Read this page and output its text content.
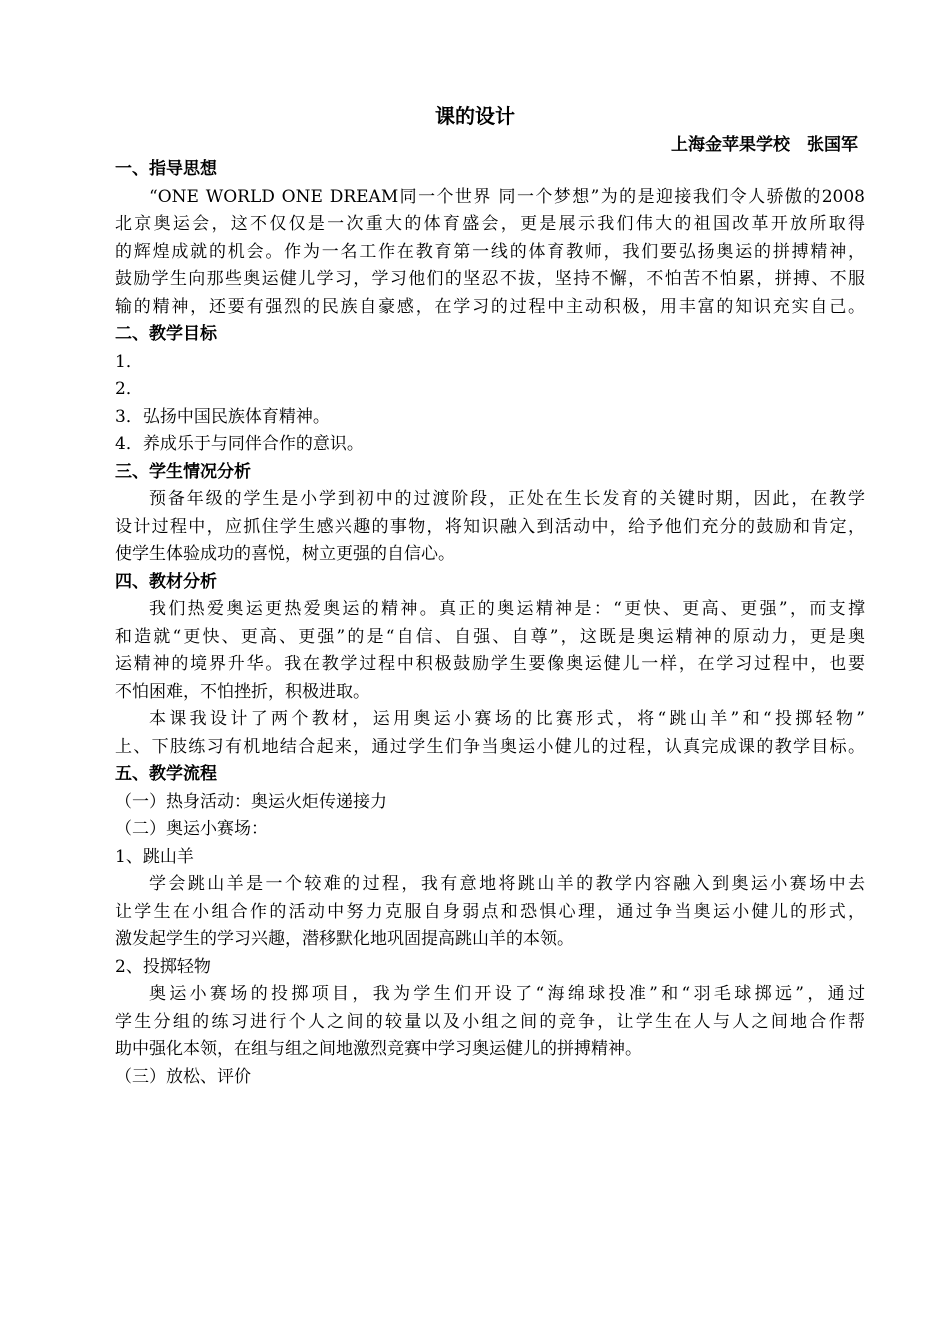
课的设计
上海金苹果学校　张国军
一、指导思想
“ONE WORLD ONE DREAM同一个世界 同一个梦想”为的是迎接我们令人骄傲的2008
北京奥运会，这不仅仅是一次重大的体育盛会，更是展示我们伟大的祖国改革开放所取得
的辉煌成就的机会。作为一名工作在教育第一线的体育教师，我们要弘扬奥运的拼搏精神，
鼓励学生向那些奥运健儿学习，学习他们的坚忍不拔，坚持不懈，不怕苦不怕累，拼搏、不服
输的精神，还要有强烈的民族自豪感，在学习的过程中主动积极，用丰富的知识充实自己。
二、教学目标
1．
2．
3．弘扬中国民族体育精神。
4．养成乐于与同伴合作的意识。
三、学生情况分析
预备年级的学生是小学到初中的过渡阶段，正处在生长发育的关键时期，因此，在教学
设计过程中，应抓住学生感兴趣的事物，将知识融入到活动中，给予他们充分的鼓励和肯定，
使学生体验成功的喜悦，树立更强的自信心。
四、教材分析
我们热爱奥运更热爱奥运的精神。真正的奥运精神是：“更快、更高、更强”，而支撑
和造就“更快、更高、更强”的是“自信、自强、自尊”，这既是奥运精神的原动力，更是奥
运精神的境界升华。我在教学过程中积极鼓励学生要像奥运健儿一样，在学习过程中，也要
不怕困难，不怕挫折，积极进取。
本课我设计了两个教材，运用奥运小赛场的比赛形式，将“跳山羊”和“投掷轻物”
上、下肢练习有机地结合起来，通过学生们争当奥运小健儿的过程，认真完成课的教学目标。
五、教学流程
（一）热身活动：奥运火炬传递接力
（二）奥运小赛场：
1、跳山羊
学会跳山羊是一个较难的过程，我有意地将跳山羊的教学内容融入到奥运小赛场中去
让学生在小组合作的活动中努力克服自身弱点和恐惧心理，通过争当奥运小健儿的形式，
激发起学生的学习兴趣，潜移默化地巩固提高跳山羊的本领。
2、投掷轻物
奥运小赛场的投掷项目，我为学生们开设了“海绵球投准”和“羽毛球掷远”，通过
学生分组的练习进行个人之间的较量以及小组之间的竞争，让学生在人与人之间地合作帮
助中强化本领，在组与组之间地激烈竞赛中学习奥运健儿的拼搏精神。
（三）放松、评价
